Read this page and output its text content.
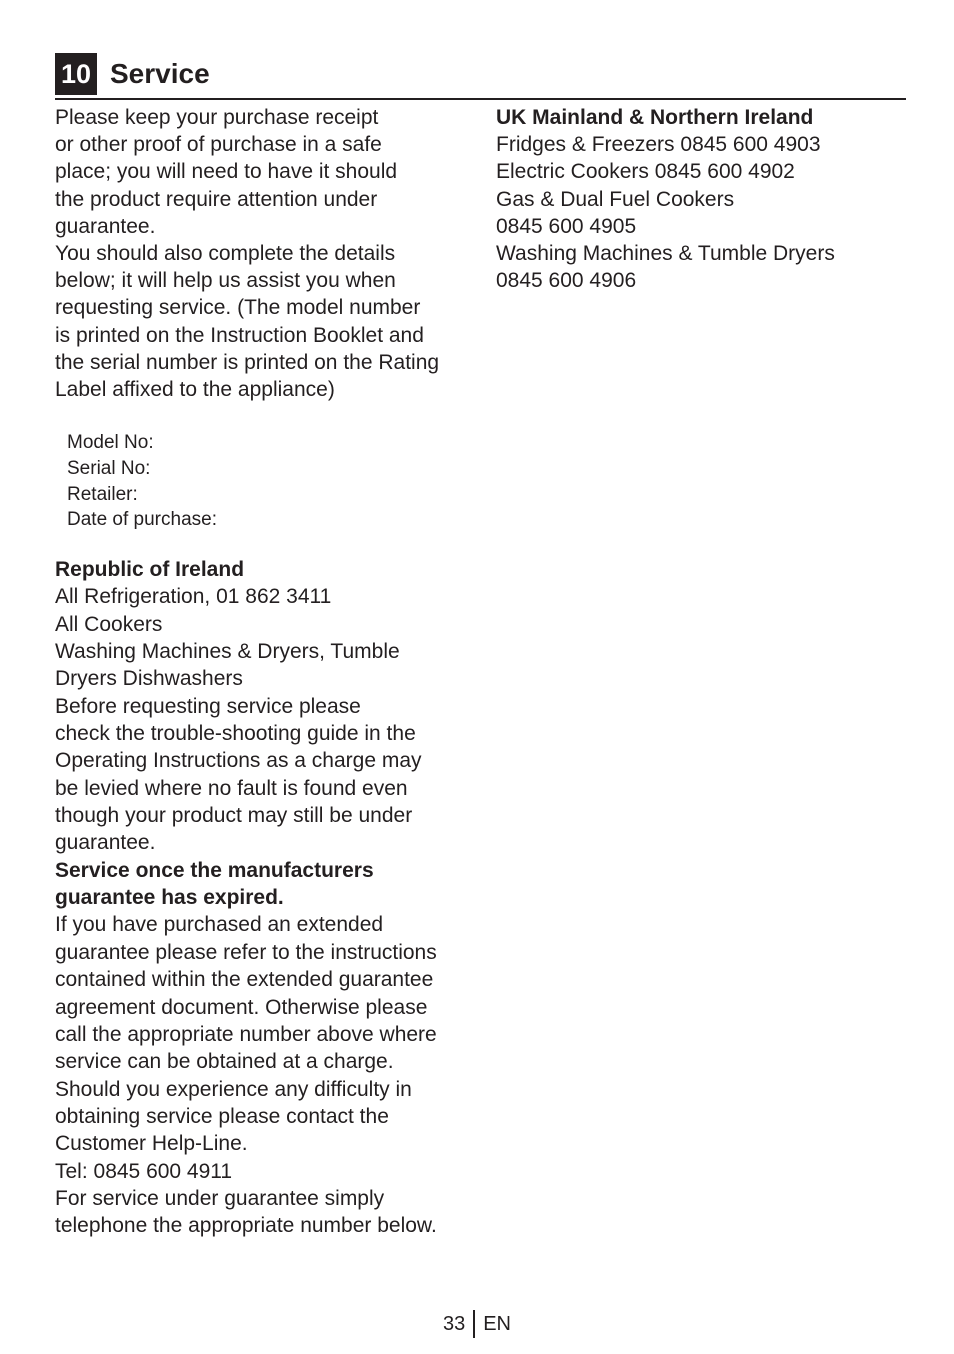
10 Service
Please keep your purchase receipt
or other proof of purchase in a safe
place; you will need to have it should
the product require attention under
guarantee.
You should also complete the details
below; it will help us assist you when
requesting service. (The model number
is printed on the Instruction Booklet and
the serial number is printed on the Rating
Label affixed to the appliance)
Model No:
Serial No:
Retailer:
Date of purchase:
Republic of Ireland
All Refrigeration, 01 862 3411
All Cookers
Washing Machines & Dryers, Tumble
Dryers Dishwashers
Before requesting service please
check the trouble-shooting guide in the
Operating Instructions as a charge may
be levied where no fault is found even
though your product may still be under
guarantee.
Service once the manufacturers
guarantee has expired.
If you have purchased an extended
guarantee please refer to the instructions
contained within the extended guarantee
agreement document. Otherwise please
call the appropriate number above where
service can be obtained at a charge.
Should you experience any difficulty in
obtaining service please contact the
Customer Help-Line.
Tel: 0845 600 4911
For service under guarantee simply
telephone the appropriate number below.
UK Mainland & Northern Ireland
Fridges & Freezers 0845 600 4903
Electric Cookers 0845 600 4902
Gas & Dual Fuel Cookers
0845 600 4905
Washing Machines & Tumble Dryers
0845 600 4906
33 EN
